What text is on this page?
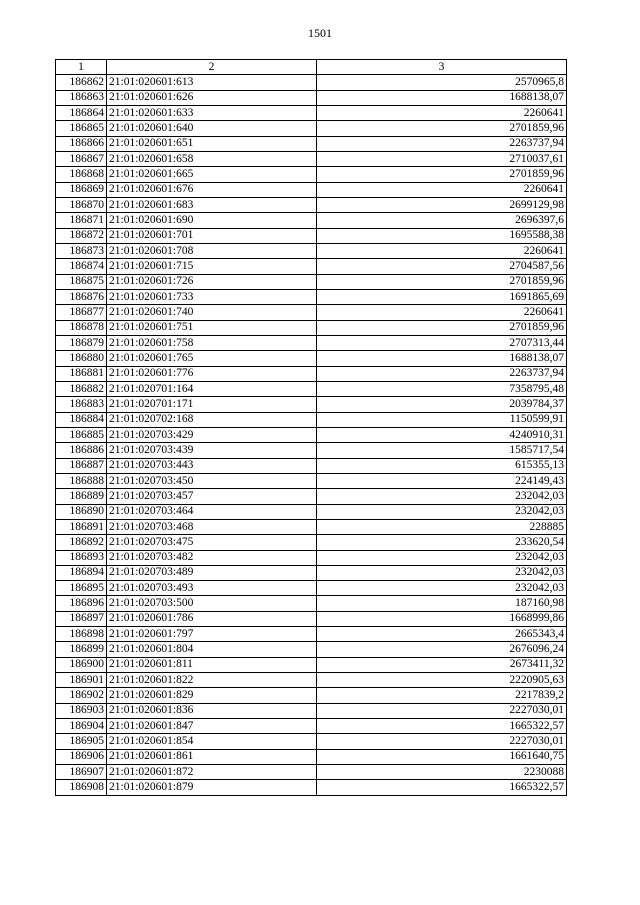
1501
1	2	3
186862	21:01:020601:613	2570965,8
186863	21:01:020601:626	1688138,07
186864	21:01:020601:633	2260641
186865	21:01:020601:640	2701859,96
186866	21:01:020601:651	2263737,94
186867	21:01:020601:658	2710037,61
186868	21:01:020601:665	2701859,96
186869	21:01:020601:676	2260641
186870	21:01:020601:683	2699129,98
186871	21:01:020601:690	2696397,6
186872	21:01:020601:701	1695588,38
186873	21:01:020601:708	2260641
186874	21:01:020601:715	2704587,56
186875	21:01:020601:726	2701859,96
186876	21:01:020601:733	1691865,69
186877	21:01:020601:740	2260641
186878	21:01:020601:751	2701859,96
186879	21:01:020601:758	2707313,44
186880	21:01:020601:765	1688138,07
186881	21:01:020601:776	2263737,94
186882	21:01:020701:164	7358795,48
186883	21:01:020701:171	2039784,37
186884	21:01:020702:168	1150599,91
186885	21:01:020703:429	4240910,31
186886	21:01:020703:439	1585717,54
186887	21:01:020703:443	615355,13
186888	21:01:020703:450	224149,43
186889	21:01:020703:457	232042,03
186890	21:01:020703:464	232042,03
186891	21:01:020703:468	228885
186892	21:01:020703:475	233620,54
186893	21:01:020703:482	232042,03
186894	21:01:020703:489	232042,03
186895	21:01:020703:493	232042,03
186896	21:01:020703:500	187160,98
186897	21:01:020601:786	1668999,86
186898	21:01:020601:797	2665343,4
186899	21:01:020601:804	2676096,24
186900	21:01:020601:811	2673411,32
186901	21:01:020601:822	2220905,63
186902	21:01:020601:829	2217839,2
186903	21:01:020601:836	2227030,01
186904	21:01:020601:847	1665322,57
186905	21:01:020601:854	2227030,01
186906	21:01:020601:861	1661640,75
186907	21:01:020601:872	2230088
186908	21:01:020601:879	1665322,57
